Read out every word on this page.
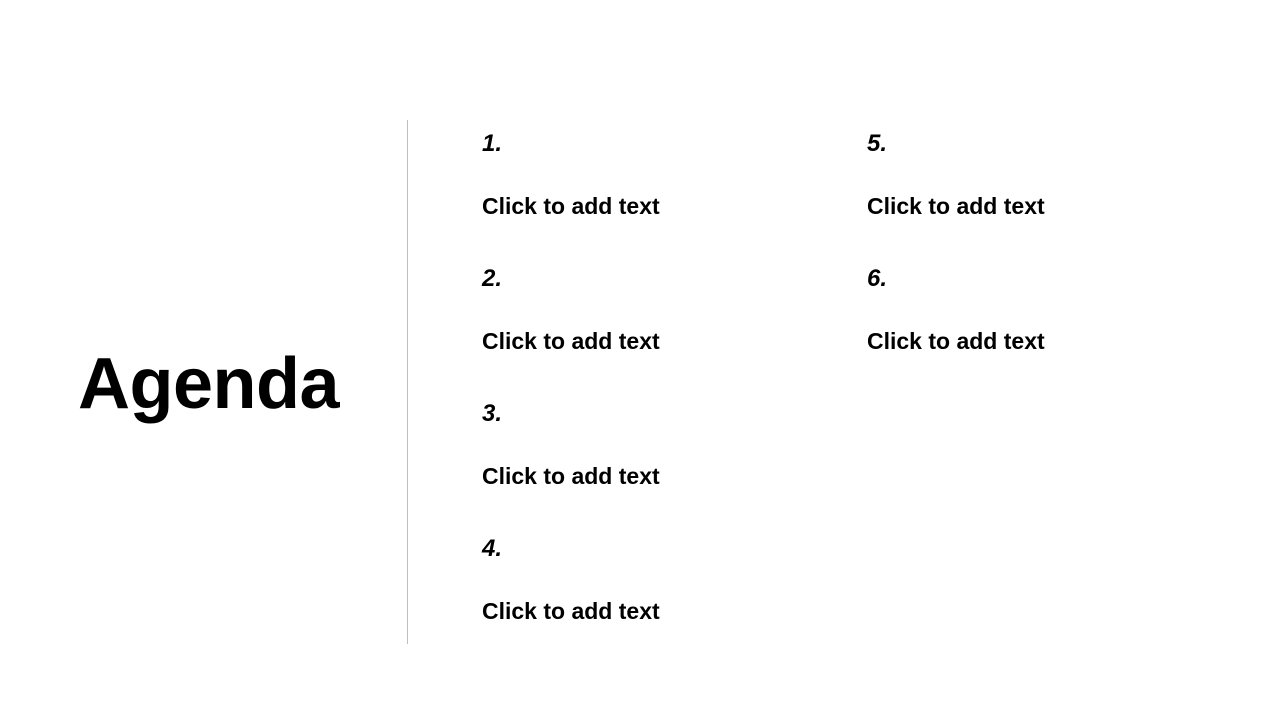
Agenda
1.
Click to add text
2.
Click to add text
3.
Click to add text
4.
Click to add text
5.
Click to add text
6.
Click to add text
